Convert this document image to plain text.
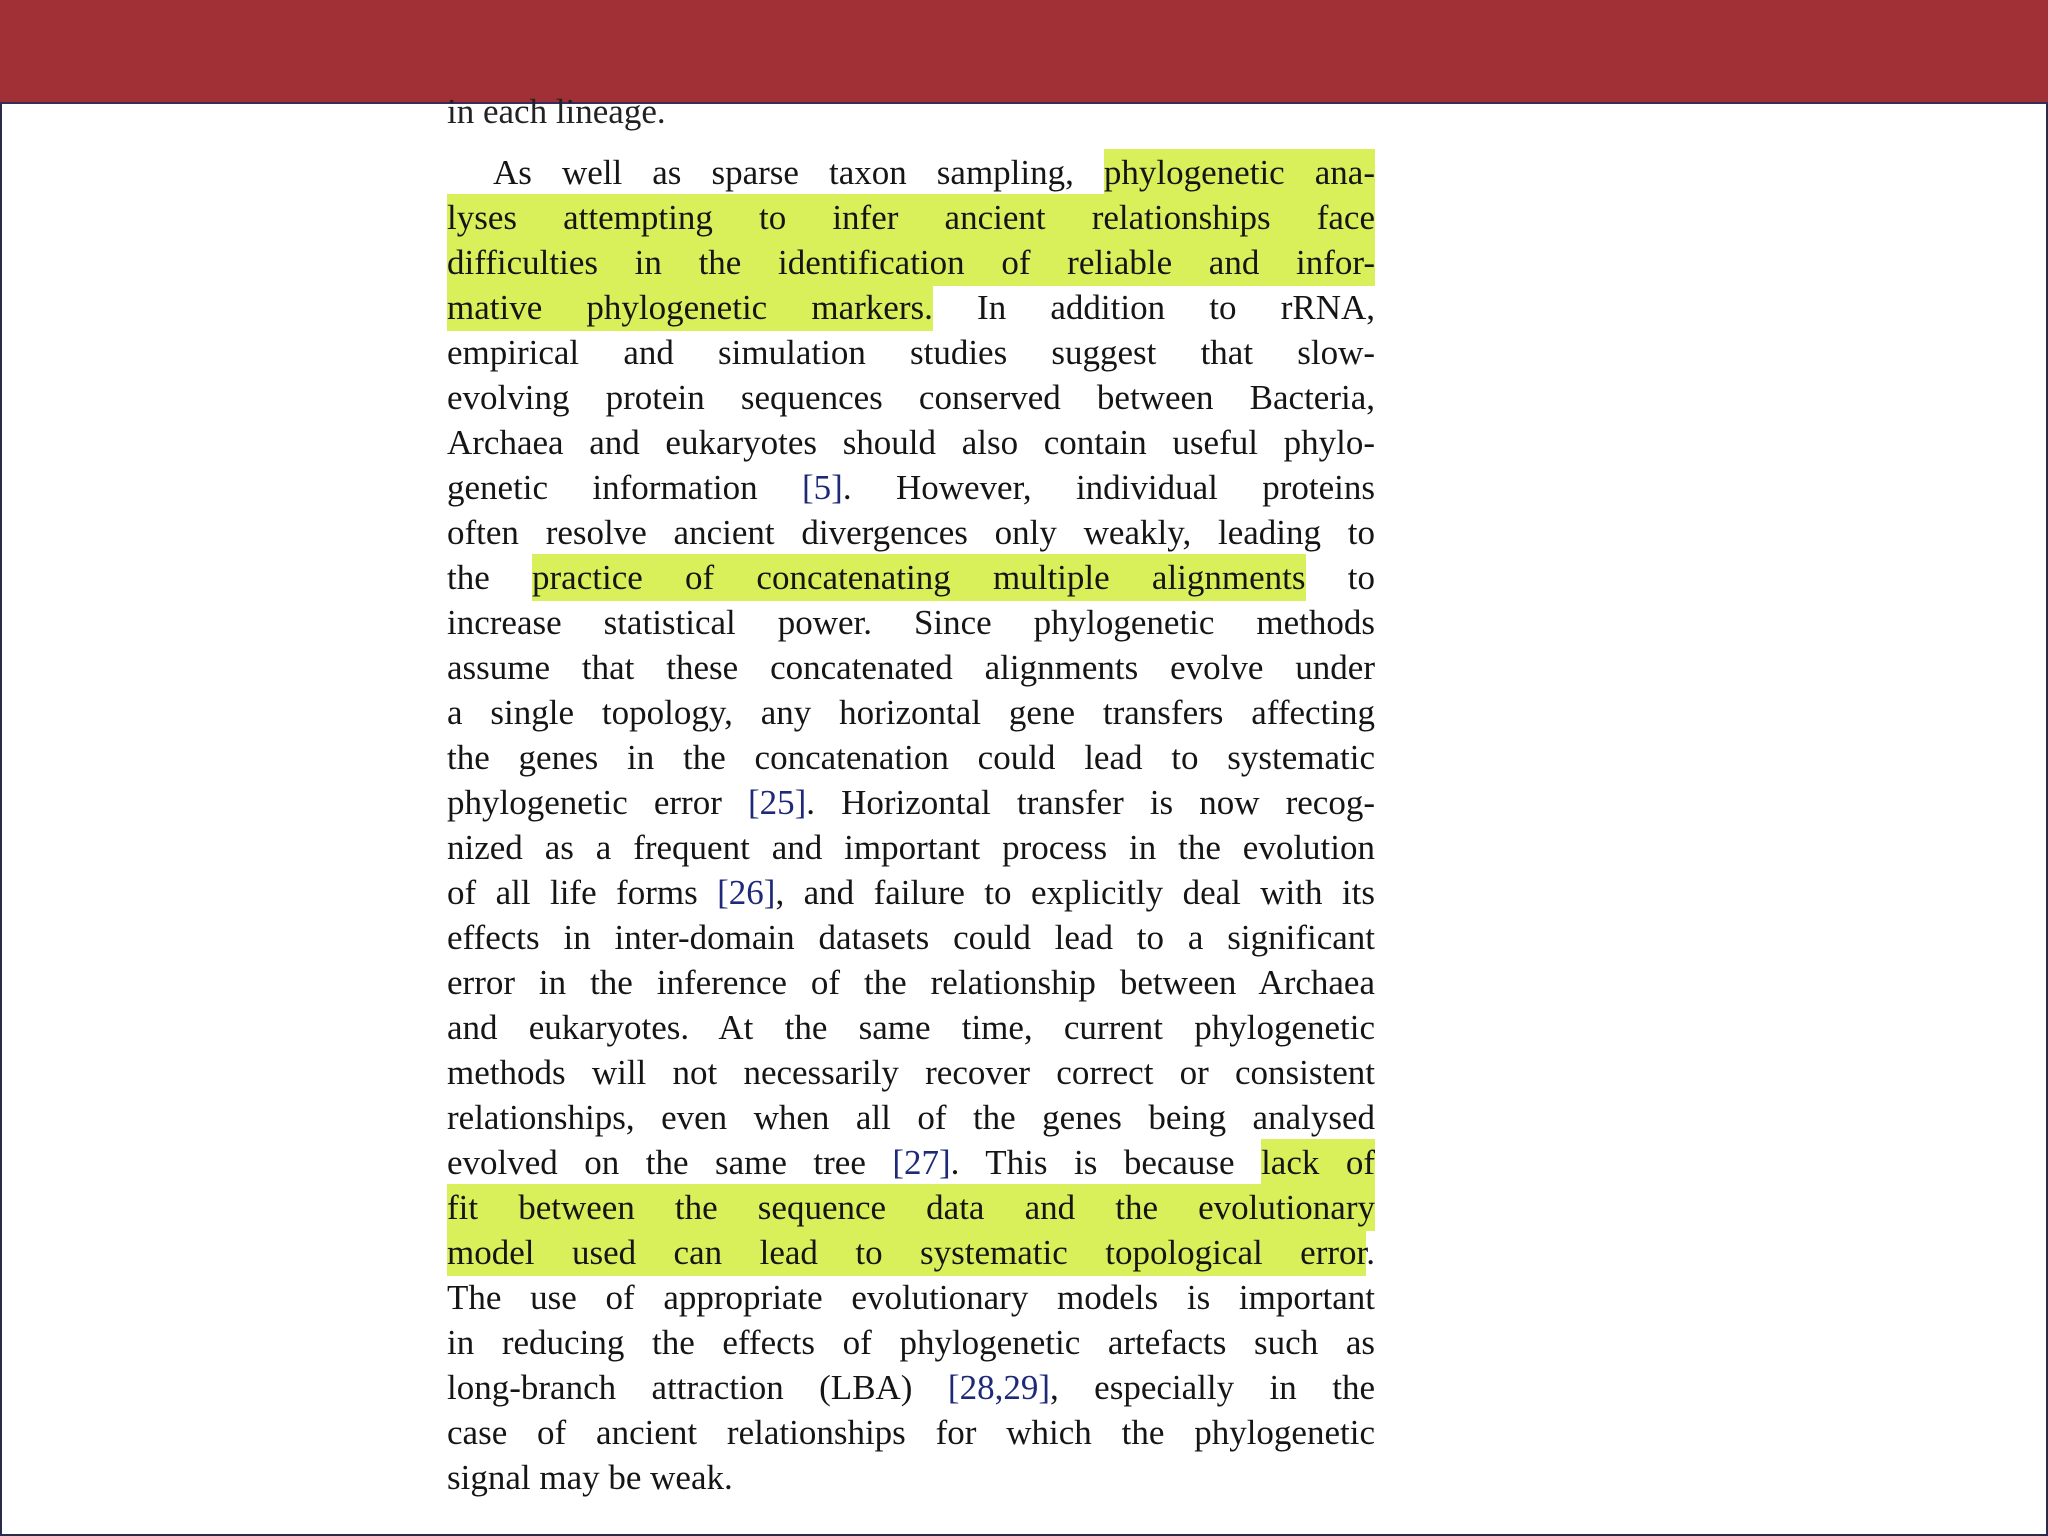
in each lineage.
As well as sparse taxon sampling, phylogenetic ana-
lyses attempting to infer ancient relationships face
difficulties in the identification of reliable and infor-
mative phylogenetic markers. In addition to rRNA,
empirical and simulation studies suggest that slow-
evolving protein sequences conserved between Bacteria,
Archaea and eukaryotes should also contain useful phylo-
genetic information [5]. However, individual proteins
often resolve ancient divergences only weakly, leading to
the practice of concatenating multiple alignments to
increase statistical power. Since phylogenetic methods
assume that these concatenated alignments evolve under
a single topology, any horizontal gene transfers affecting
the genes in the concatenation could lead to systematic
phylogenetic error [25]. Horizontal transfer is now recog-
nized as a frequent and important process in the evolution
of all life forms [26], and failure to explicitly deal with its
effects in inter-domain datasets could lead to a significant
error in the inference of the relationship between Archaea
and eukaryotes. At the same time, current phylogenetic
methods will not necessarily recover correct or consistent
relationships, even when all of the genes being analysed
evolved on the same tree [27]. This is because lack of
fit between the sequence data and the evolutionary
model used can lead to systematic topological error.
The use of appropriate evolutionary models is important
in reducing the effects of phylogenetic artefacts such as
long-branch attraction (LBA) [28,29], especially in the
case of ancient relationships for which the phylogenetic
signal may be weak.
